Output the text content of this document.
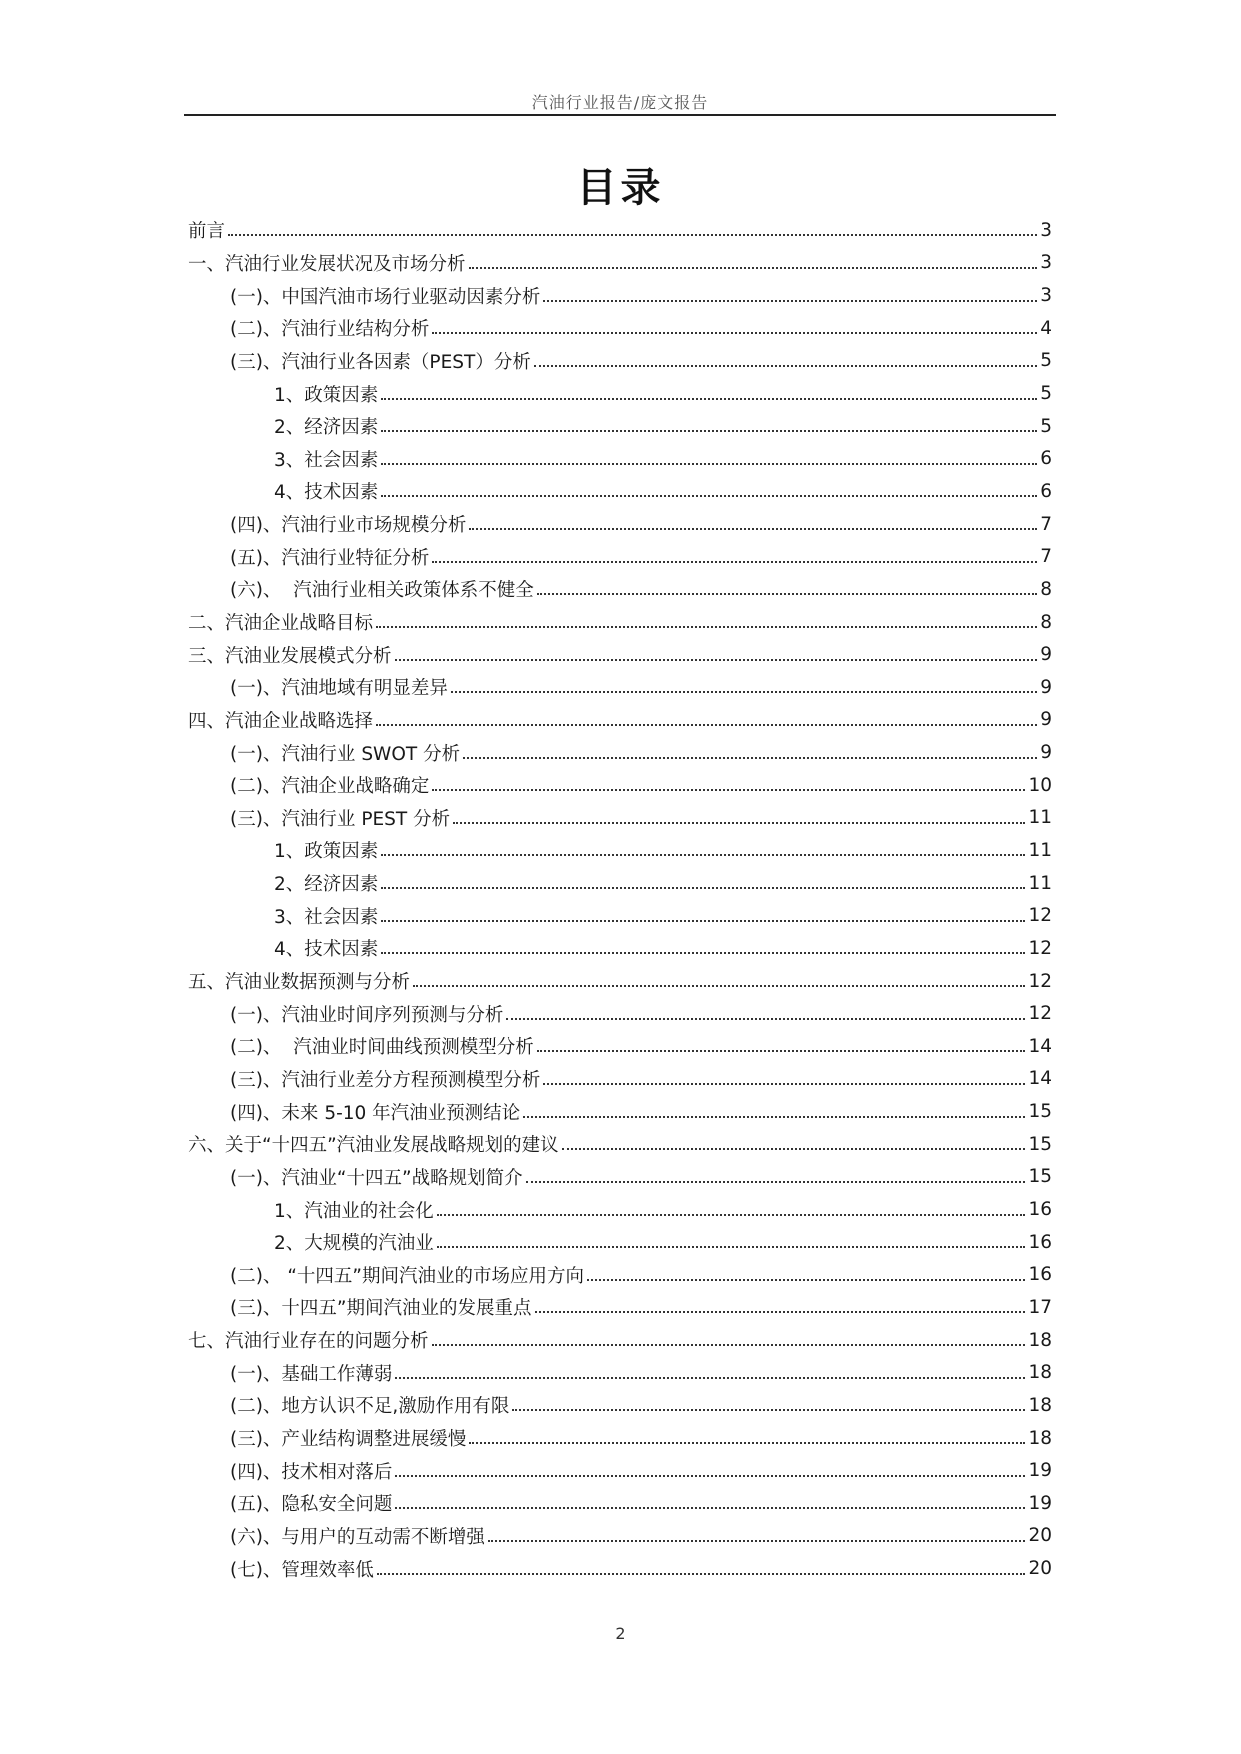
汽油行业报告/庞文报告
目录
前言	3
一、汽油行业发展状况及市场分析	3
(一)、中国汽油市场行业驱动因素分析	3
(二)、汽油行业结构分析	4
(三)、汽油行业各因素（PEST）分析	5
1、政策因素	5
2、经济因素	5
3、社会因素	6
4、技术因素	6
(四)、汽油行业市场规模分析	7
(五)、汽油行业特征分析	7
(六)、  汽油行业相关政策体系不健全	8
二、汽油企业战略目标	8
三、汽油业发展模式分析	9
(一)、汽油地域有明显差异	9
四、汽油企业战略选择	9
(一)、汽油行业 SWOT 分析	9
(二)、汽油企业战略确定	10
(三)、汽油行业 PEST 分析	11
1、政策因素	11
2、经济因素	11
3、社会因素	12
4、技术因素	12
五、汽油业数据预测与分析	12
(一)、汽油业时间序列预测与分析	12
(二)、  汽油业时间曲线预测模型分析	14
(三)、汽油行业差分方程预测模型分析	14
(四)、未来 5-10 年汽油业预测结论	15
六、关于“十四五”汽油业发展战略规划的建议	15
(一)、汽油业“十四五”战略规划简介	15
1、汽油业的社会化	16
2、大规模的汽油业	16
(二)、 “十四五”期间汽油业的市场应用方向	16
(三)、十四五”期间汽油业的发展重点	17
七、汽油行业存在的问题分析	18
(一)、基础工作薄弱	18
(二)、地方认识不足,激励作用有限	18
(三)、产业结构调整进展缓慢	18
(四)、技术相对落后	19
(五)、隐私安全问题	19
(六)、与用户的互动需不断增强	20
(七)、管理效率低	20
2
